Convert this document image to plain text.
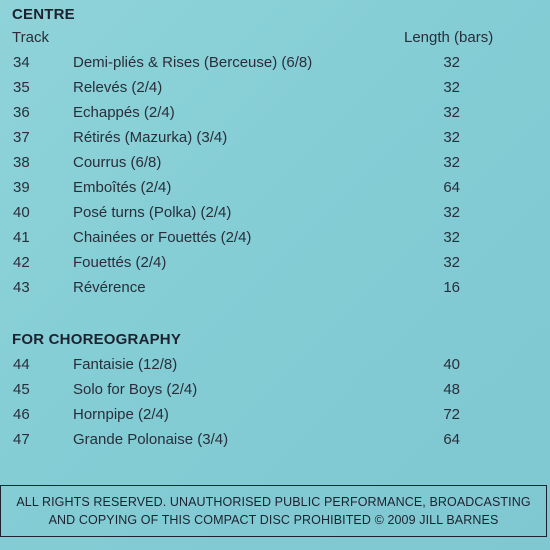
CENTRE
Track	Length (bars)
34	Demi-pliés & Rises (Berceuse) (6/8)	32
35	Relevés (2/4)	32
36	Echappés (2/4)	32
37	Rétirés (Mazurka) (3/4)	32
38	Courrus (6/8)	32
39	Emboîtés (2/4)	64
40	Posé turns (Polka) (2/4)	32
41	Chainées or Fouettés (2/4)	32
42	Fouettés (2/4)	32
43	Révérence	16
FOR CHOREOGRAPHY
44	Fantaisie (12/8)	40
45	Solo for Boys (2/4)	48
46	Hornpipe (2/4)	72
47	Grande Polonaise (3/4)	64
ALL RIGHTS RESERVED. UNAUTHORISED PUBLIC PERFORMANCE, BROADCASTING
AND COPYING OF THIS COMPACT DISC PROHIBITED © 2009 JILL BARNES
